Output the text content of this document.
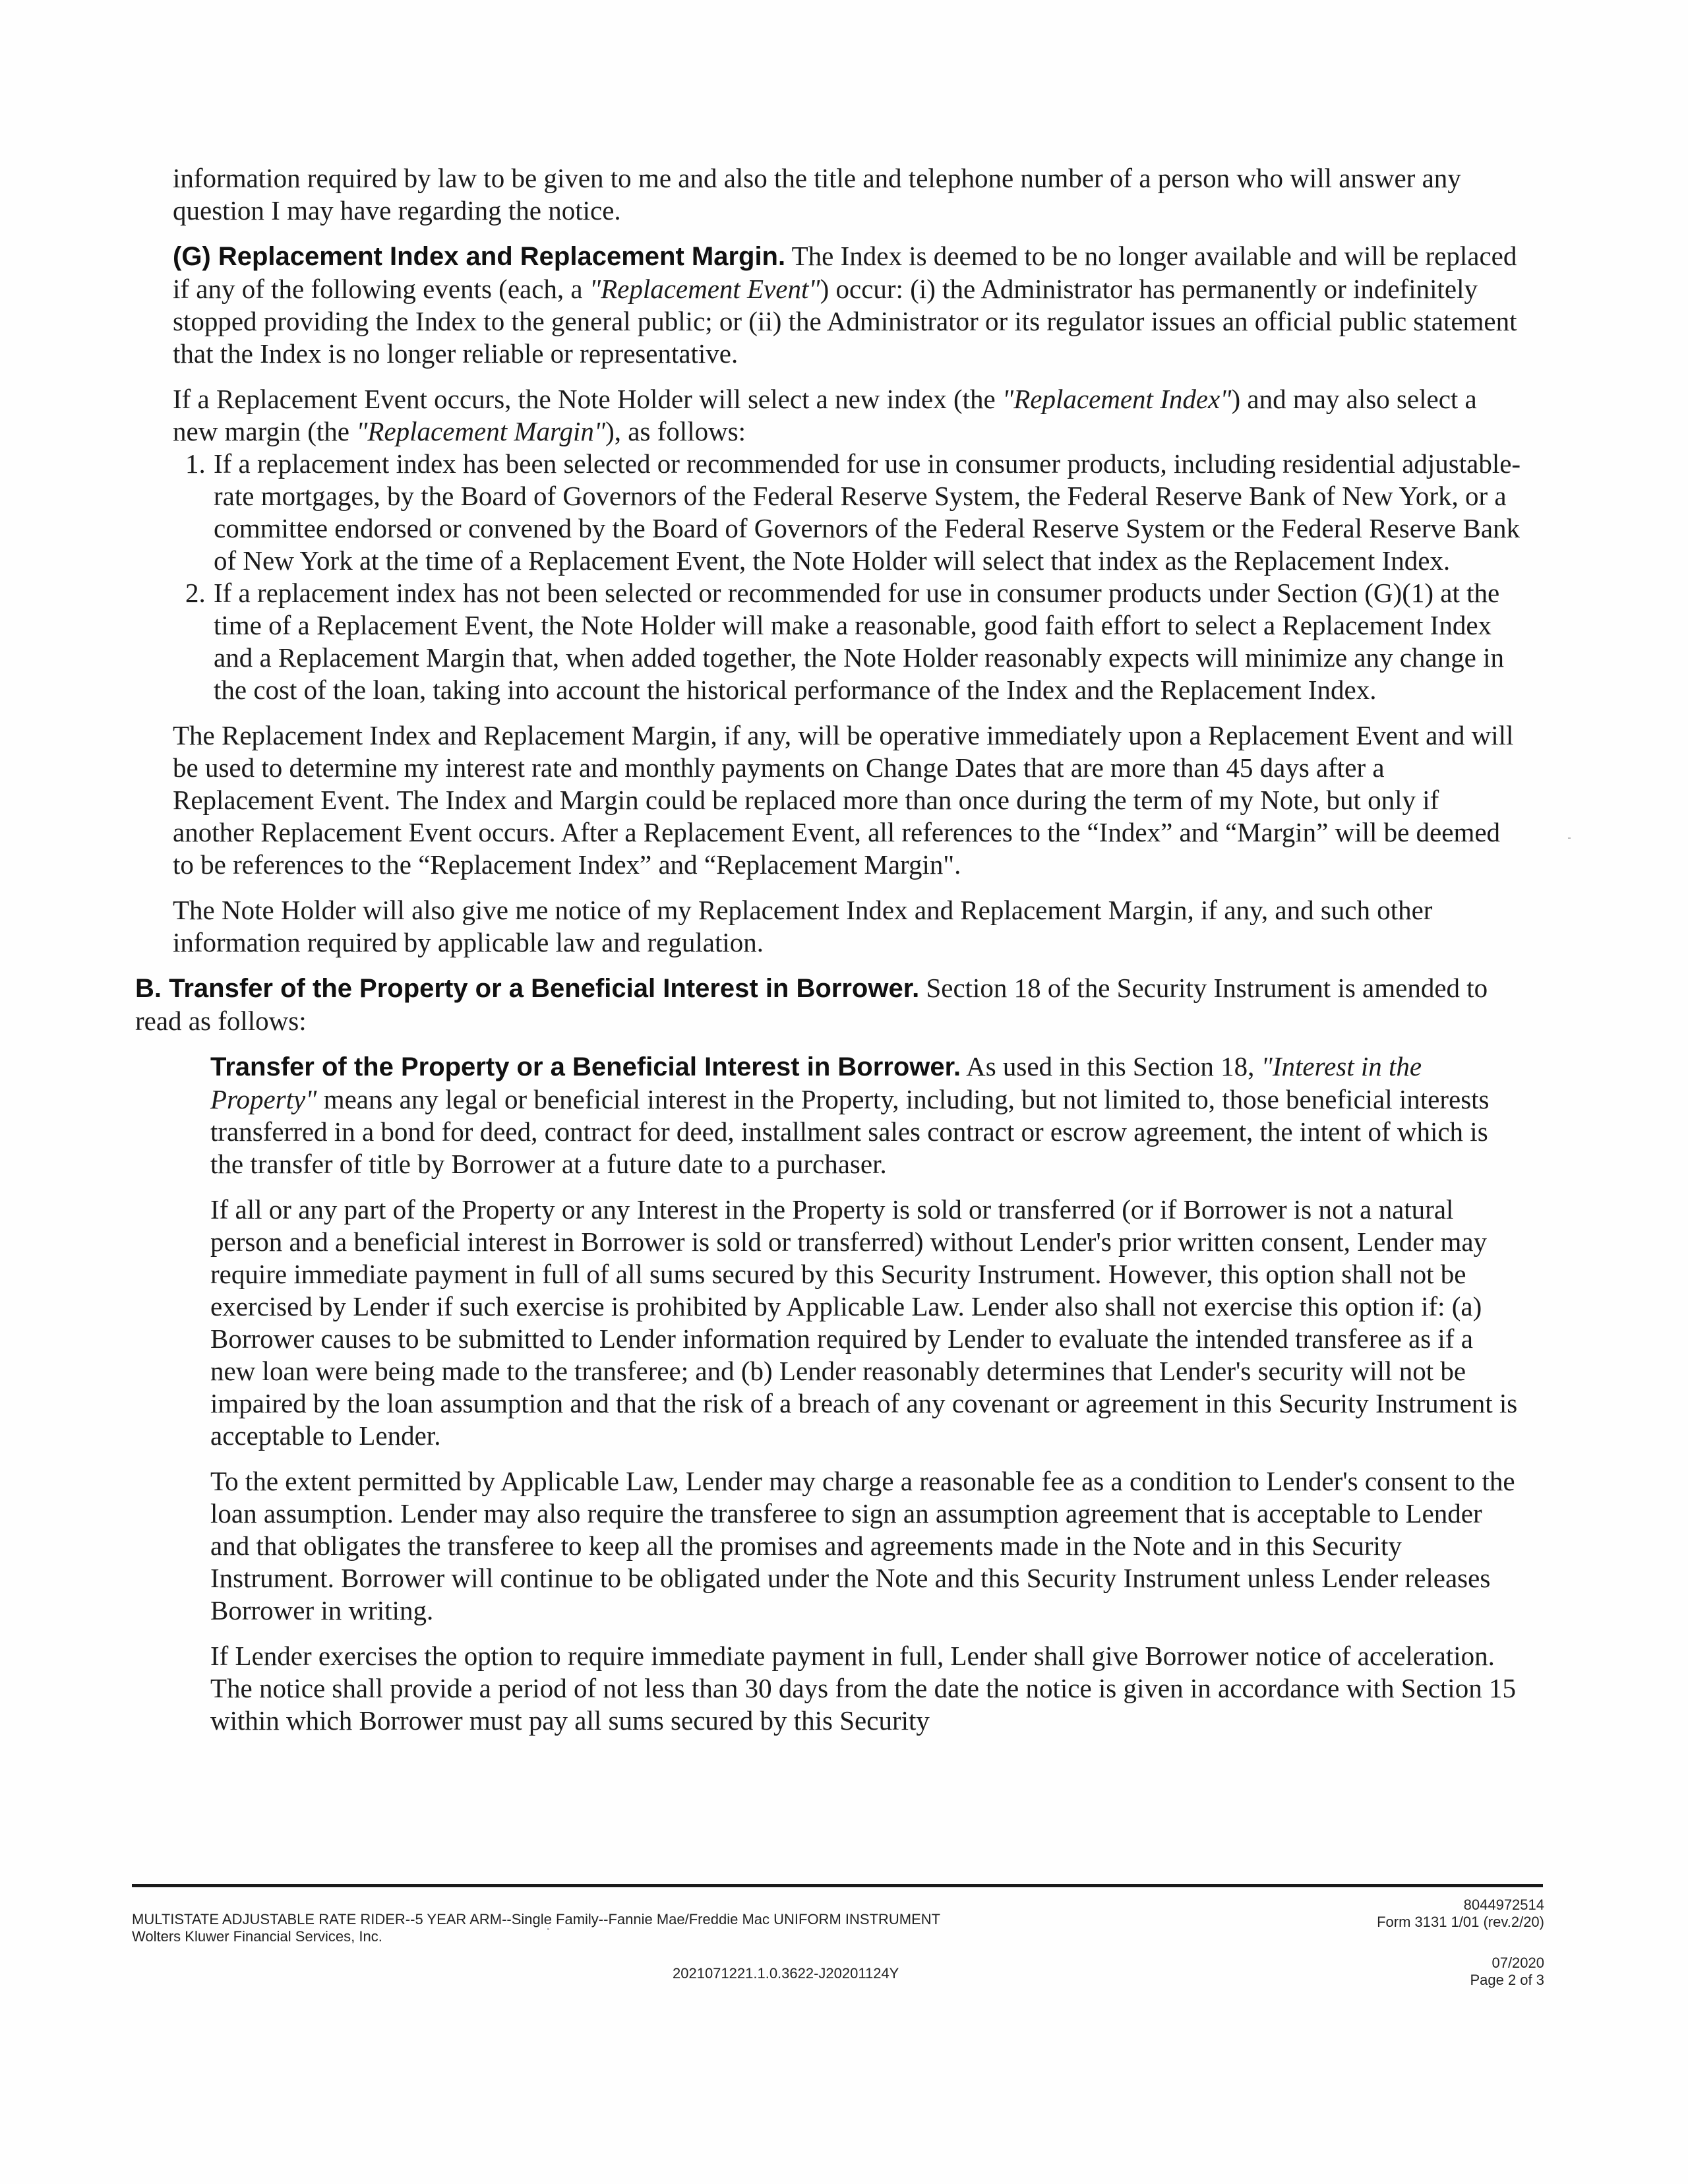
information required by law to be given to me and also the title and telephone number of a person who will answer any question I may have regarding the notice.

(G) Replacement Index and Replacement Margin. The Index is deemed to be no longer available and will be replaced if any of the following events (each, a "Replacement Event") occur: (i) the Administrator has permanently or indefinitely stopped providing the Index to the general public; or (ii) the Administrator or its regulator issues an official public statement that the Index is no longer reliable or representative.

If a Replacement Event occurs, the Note Holder will select a new index (the "Replacement Index") and may also select a new margin (the "Replacement Margin"), as follows:

1. If a replacement index has been selected or recommended for use in consumer products, including residential adjustable-rate mortgages, by the Board of Governors of the Federal Reserve System, the Federal Reserve Bank of New York, or a committee endorsed or convened by the Board of Governors of the Federal Reserve System or the Federal Reserve Bank of New York at the time of a Replacement Event, the Note Holder will select that index as the Replacement Index.
2. If a replacement index has not been selected or recommended for use in consumer products under Section (G)(1) at the time of a Replacement Event, the Note Holder will make a reasonable, good faith effort to select a Replacement Index and a Replacement Margin that, when added together, the Note Holder reasonably expects will minimize any change in the cost of the loan, taking into account the historical performance of the Index and the Replacement Index.

The Replacement Index and Replacement Margin, if any, will be operative immediately upon a Replacement Event and will be used to determine my interest rate and monthly payments on Change Dates that are more than 45 days after a Replacement Event. The Index and Margin could be replaced more than once during the term of my Note, but only if another Replacement Event occurs. After a Replacement Event, all references to the “Index” and “Margin” will be deemed to be references to the “Replacement Index” and “Replacement Margin".

The Note Holder will also give me notice of my Replacement Index and Replacement Margin, if any, and such other information required by applicable law and regulation.

B. Transfer of the Property or a Beneficial Interest in Borrower. Section 18 of the Security Instrument is amended to read as follows:

Transfer of the Property or a Beneficial Interest in Borrower. As used in this Section 18, "Interest in the Property" means any legal or beneficial interest in the Property, including, but not limited to, those beneficial interests transferred in a bond for deed, contract for deed, installment sales contract or escrow agreement, the intent of which is the transfer of title by Borrower at a future date to a purchaser.

If all or any part of the Property or any Interest in the Property is sold or transferred (or if Borrower is not a natural person and a beneficial interest in Borrower is sold or transferred) without Lender's prior written consent, Lender may require immediate payment in full of all sums secured by this Security Instrument. However, this option shall not be exercised by Lender if such exercise is prohibited by Applicable Law. Lender also shall not exercise this option if: (a) Borrower causes to be submitted to Lender information required by Lender to evaluate the intended transferee as if a new loan were being made to the transferee; and (b) Lender reasonably determines that Lender's security will not be impaired by the loan assumption and that the risk of a breach of any covenant or agreement in this Security Instrument is acceptable to Lender.

To the extent permitted by Applicable Law, Lender may charge a reasonable fee as a condition to Lender's consent to the loan assumption. Lender may also require the transferee to sign an assumption agreement that is acceptable to Lender and that obligates the transferee to keep all the promises and agreements made in the Note and in this Security Instrument. Borrower will continue to be obligated under the Note and this Security Instrument unless Lender releases Borrower in writing.

If Lender exercises the option to require immediate payment in full, Lender shall give Borrower notice of acceleration. The notice shall provide a period of not less than 30 days from the date the notice is given in accordance with Section 15 within which Borrower must pay all sums secured by this Security

MULTISTATE ADJUSTABLE RATE RIDER--5 YEAR ARM--Single Family--Fannie Mae/Freddie Mac UNIFORM INSTRUMENT
Wolters Kluwer Financial Services, Inc.
2021071221.1.0.3622-J20201124Y
8044972514
Form 3131 1/01 (rev.2/20)
07/2020
Page 2 of 3
